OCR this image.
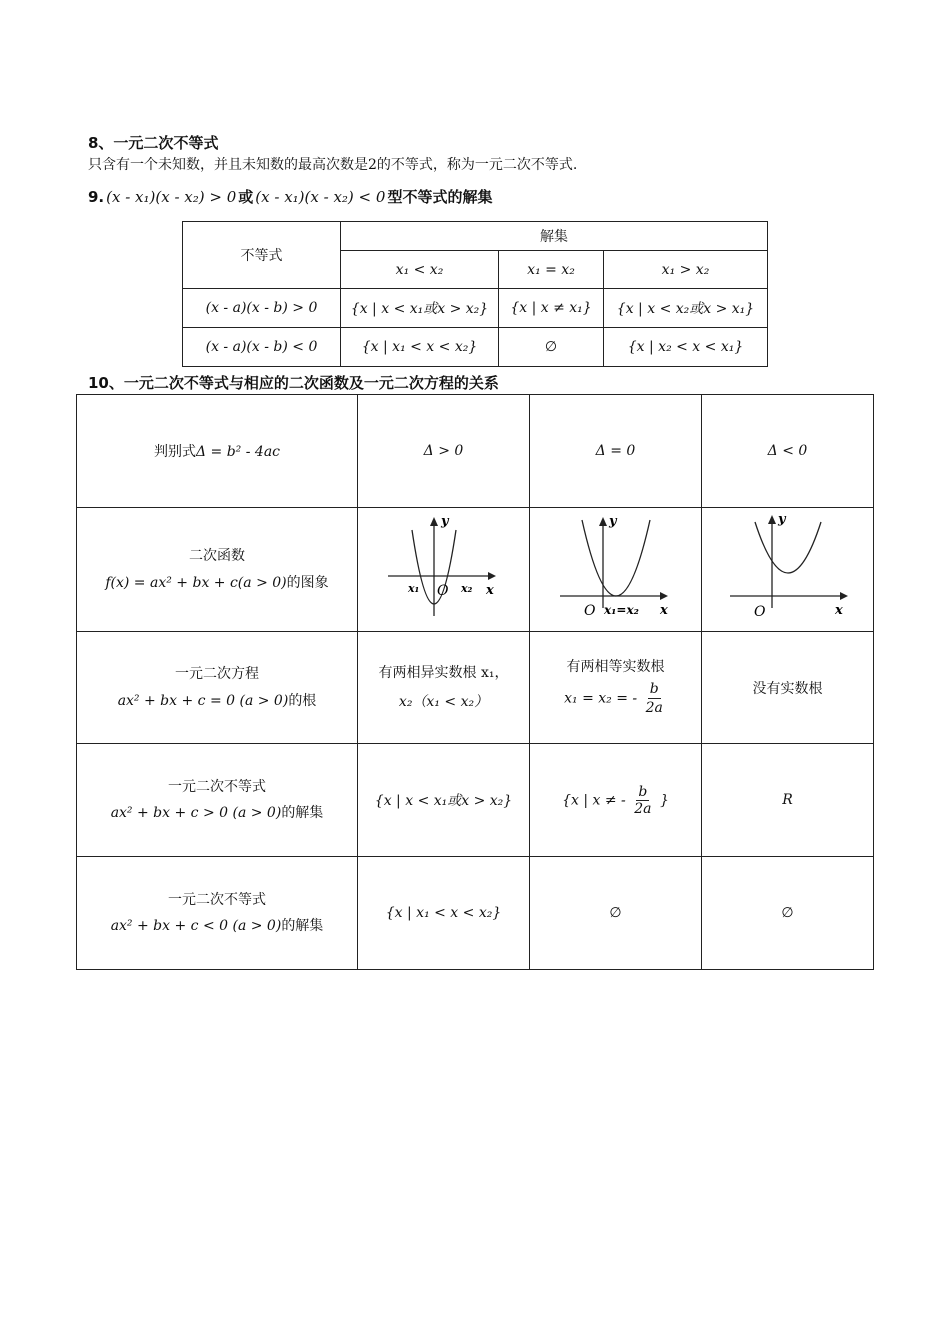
8、一元二次不等式
只含有一个未知数，并且未知数的最高次数是2的不等式，称为一元二次不等式.
9. (x - x₁)(x - x₂) > 0 或 (x - x₁)(x - x₂) < 0 型不等式的解集
不等式	解集		
	x₁ < x₂	x₁ = x₂	x₁ > x₂
(x - a)(x - b) > 0	{x | x < x₁或x > x₂}	{x | x ≠ x₁}	{x | x < x₂或x > x₁}
(x - a)(x - b) < 0	{x | x₁ < x < x₂}	∅	{x | x₂ < x < x₁}
10、一元二次不等式与相应的二次函数及一元二次方程的关系
判别式Δ = b² - 4ac	Δ > 0	Δ = 0	Δ < 0

二次函数
f(x) = ax² + bx + c(a > 0)的图象	y
x
O
x₁ x₂	y
x
O x₁=x₂	y
x
O

一元二次方程
ax² + bx + c = 0 (a > 0)的根	有两相异实数根 x₁，
x₂（x₁ < x₂）	有两相等实数根
x₁ = x₂ = - $\frac{b}{2a}$	没有实数根

一元二次不等式
ax² + bx + c > 0 (a > 0)的解集	{x | x < x₁或x > x₂}	{x | x ≠ - $\frac{b}{2a}$ }	R

一元二次不等式
ax² + bx + c < 0 (a > 0)的解集	{x | x₁ < x < x₂}	∅	∅
